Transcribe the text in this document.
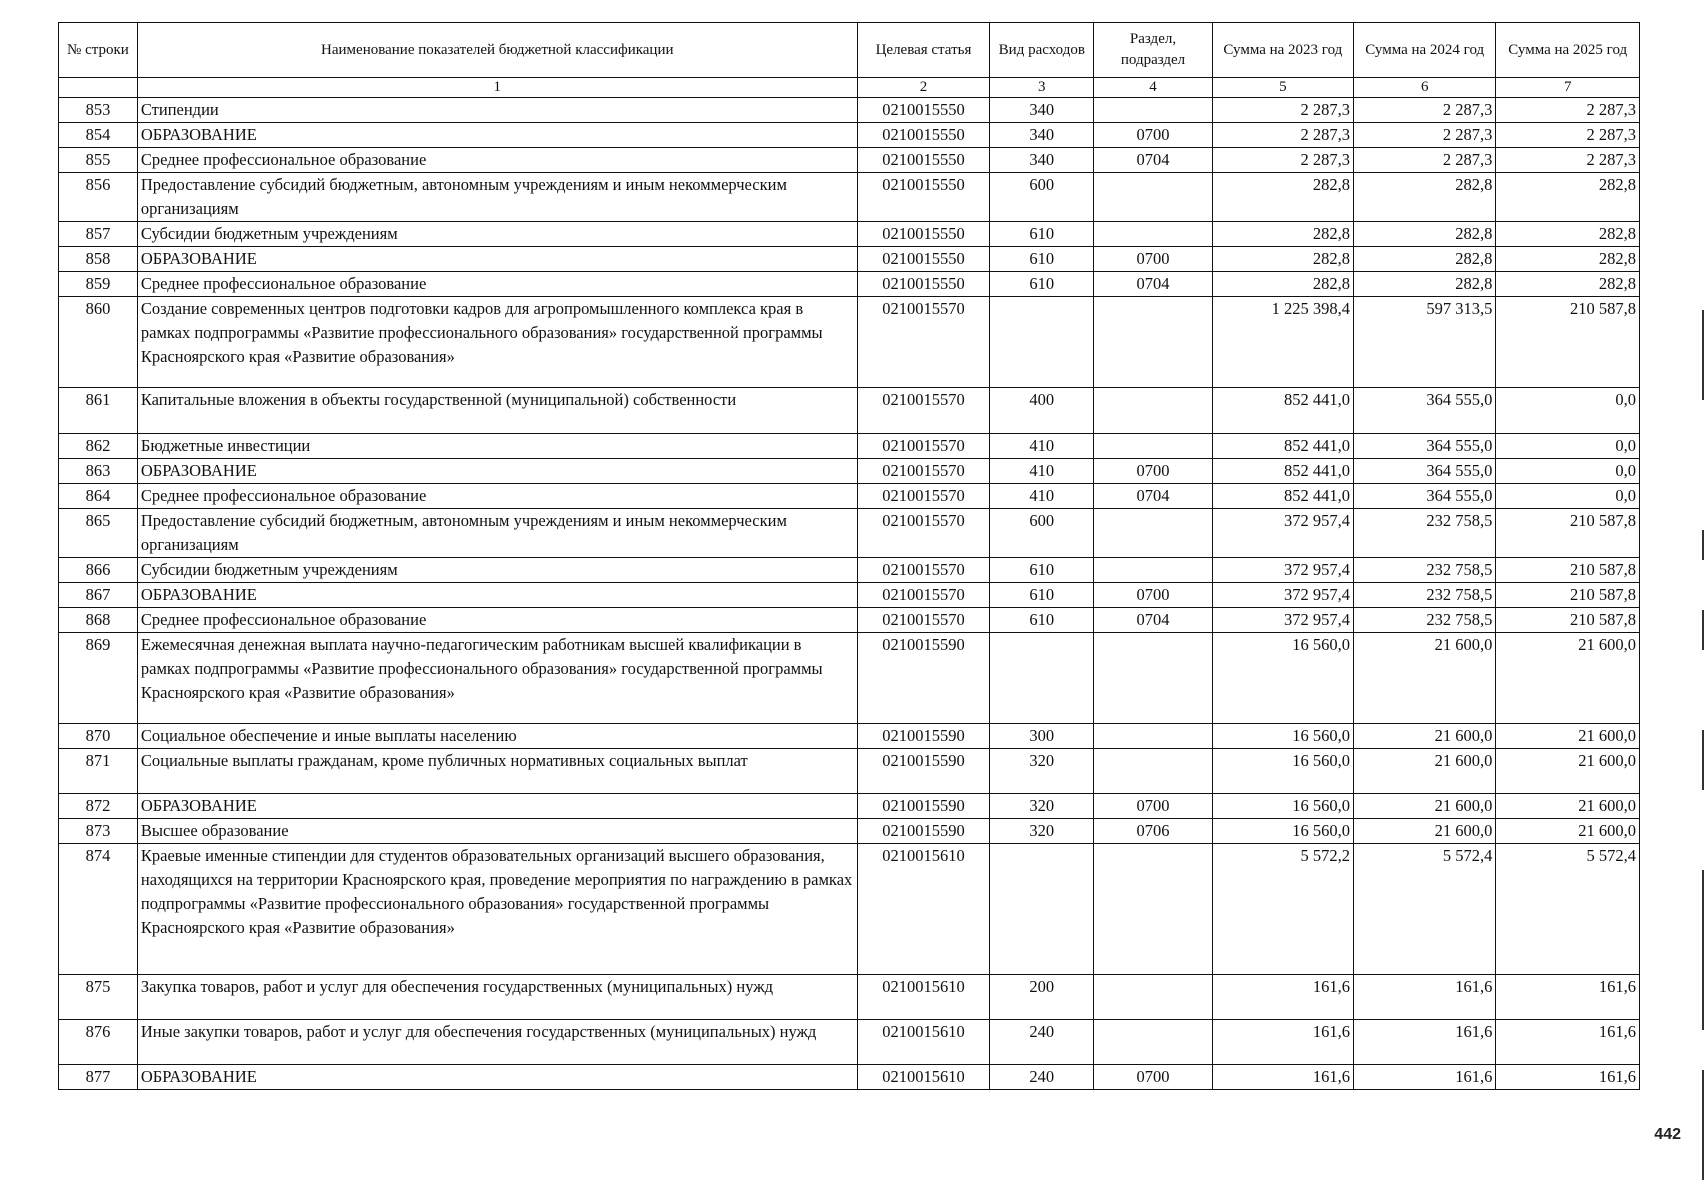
№ строки	Наименование показателей бюджетной классификации	Целевая статья	Вид расходов	Раздел, подраздел	Сумма на 2023 год	Сумма на 2024 год	Сумма на 2025 год
	1	2	3	4	5	6	7
853	Стипендии	0210015550	340		2 287,3	2 287,3	2 287,3
854	ОБРАЗОВАНИЕ	0210015550	340	0700	2 287,3	2 287,3	2 287,3
855	Среднее профессиональное образование	0210015550	340	0704	2 287,3	2 287,3	2 287,3
856	Предоставление субсидий бюджетным, автономным учреждениям и иным некоммерческим организациям	0210015550	600		282,8	282,8	282,8
857	Субсидии бюджетным учреждениям	0210015550	610		282,8	282,8	282,8
858	ОБРАЗОВАНИЕ	0210015550	610	0700	282,8	282,8	282,8
859	Среднее профессиональное образование	0210015550	610	0704	282,8	282,8	282,8
860	Создание современных центров подготовки кадров для агропромышленного комплекса края в рамках подпрограммы «Развитие профессионального образования» государственной программы Красноярского края «Развитие образования»	0210015570			1 225 398,4	597 313,5	210 587,8
861	Капитальные вложения в объекты государственной (муниципальной) собственности	0210015570	400		852 441,0	364 555,0	0,0
862	Бюджетные инвестиции	0210015570	410		852 441,0	364 555,0	0,0
863	ОБРАЗОВАНИЕ	0210015570	410	0700	852 441,0	364 555,0	0,0
864	Среднее профессиональное образование	0210015570	410	0704	852 441,0	364 555,0	0,0
865	Предоставление субсидий бюджетным, автономным учреждениям и иным некоммерческим организациям	0210015570	600		372 957,4	232 758,5	210 587,8
866	Субсидии бюджетным учреждениям	0210015570	610		372 957,4	232 758,5	210 587,8
867	ОБРАЗОВАНИЕ	0210015570	610	0700	372 957,4	232 758,5	210 587,8
868	Среднее профессиональное образование	0210015570	610	0704	372 957,4	232 758,5	210 587,8
869	Ежемесячная денежная выплата научно-педагогическим работникам высшей квалификации в рамках подпрограммы «Развитие профессионального образования» государственной программы Красноярского края «Развитие образования»	0210015590			16 560,0	21 600,0	21 600,0
870	Социальное обеспечение и иные выплаты населению	0210015590	300		16 560,0	21 600,0	21 600,0
871	Социальные выплаты гражданам, кроме публичных нормативных социальных выплат	0210015590	320		16 560,0	21 600,0	21 600,0
872	ОБРАЗОВАНИЕ	0210015590	320	0700	16 560,0	21 600,0	21 600,0
873	Высшее образование	0210015590	320	0706	16 560,0	21 600,0	21 600,0
874	Краевые именные стипендии для студентов образовательных организаций высшего образования, находящихся на территории Красноярского края, проведение мероприятия по награждению в рамках подпрограммы «Развитие профессионального образования» государственной программы Красноярского края «Развитие образования»	0210015610			5 572,2	5 572,4	5 572,4
875	Закупка товаров, работ и услуг для обеспечения государственных (муниципальных) нужд	0210015610	200		161,6	161,6	161,6
876	Иные закупки товаров, работ и услуг для обеспечения государственных (муниципальных) нужд	0210015610	240		161,6	161,6	161,6
877	ОБРАЗОВАНИЕ	0210015610	240	0700	161,6	161,6	161,6
442
